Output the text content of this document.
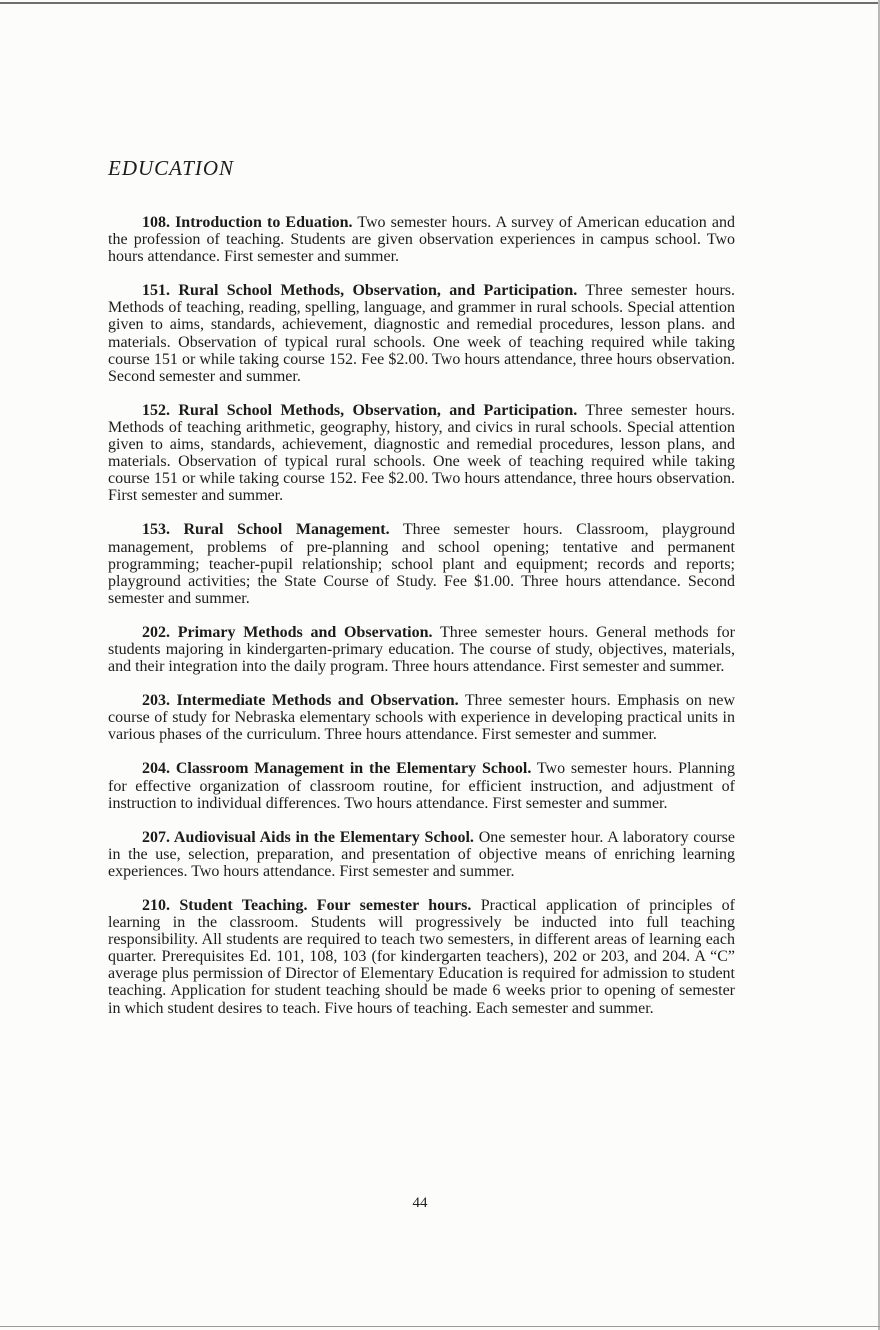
EDUCATION

108. Introduction to Eduation. Two semester hours. A survey of American education and the profession of teaching. Students are given observation experiences in campus school. Two hours attendance. First semester and summer.

151. Rural School Methods, Observation, and Participation. Three semester hours. Methods of teaching, reading, spelling, language, and grammer in rural schools. Special attention given to aims, standards, achievement, diagnostic and remedial procedures, lesson plans. and materials. Observation of typical rural schools. One week of teaching required while taking course 151 or while taking course 152. Fee $2.00. Two hours attendance, three hours observation. Second semester and summer.

152. Rural School Methods, Observation, and Participation. Three semester hours. Methods of teaching arithmetic, geography, history, and civics in rural schools. Special attention given to aims, standards, achievement, diagnostic and remedial procedures, lesson plans, and materials. Observation of typical rural schools. One week of teaching required while taking course 151 or while taking course 152. Fee $2.00. Two hours attendance, three hours observation. First semester and summer.

153. Rural School Management. Three semester hours. Classroom, playground management, problems of pre-planning and school opening; tentative and permanent programming; teacher-pupil relationship; school plant and equipment; records and reports; playground activities; the State Course of Study. Fee $1.00. Three hours attendance. Second semester and summer.

202. Primary Methods and Observation. Three semester hours. General methods for students majoring in kindergarten-primary education. The course of study, objectives, materials, and their integration into the daily program. Three hours attendance. First semester and summer.

203. Intermediate Methods and Observation. Three semester hours. Emphasis on new course of study for Nebraska elementary schools with experience in developing practical units in various phases of the curriculum. Three hours attendance. First semester and summer.

204. Classroom Management in the Elementary School. Two semester hours. Planning for effective organization of classroom routine, for efficient instruction, and adjustment of instruction to individual differences. Two hours attendance. First semester and summer.

207. Audiovisual Aids in the Elementary School. One semester hour. A laboratory course in the use, selection, preparation, and presentation of objective means of enriching learning experiences. Two hours attendance. First semester and summer.

210. Student Teaching. Four semester hours. Practical application of principles of learning in the classroom. Students will progressively be inducted into full teaching responsibility. All students are required to teach two semesters, in different areas of learning each quarter. Prerequisites Ed. 101, 108, 103 (for kindergarten teachers), 202 or 203, and 204. A “C” average plus permission of Director of Elementary Education is required for admission to student teaching. Application for student teaching should be made 6 weeks prior to opening of semester in which student desires to teach. Five hours of teaching. Each semester and summer.

44
